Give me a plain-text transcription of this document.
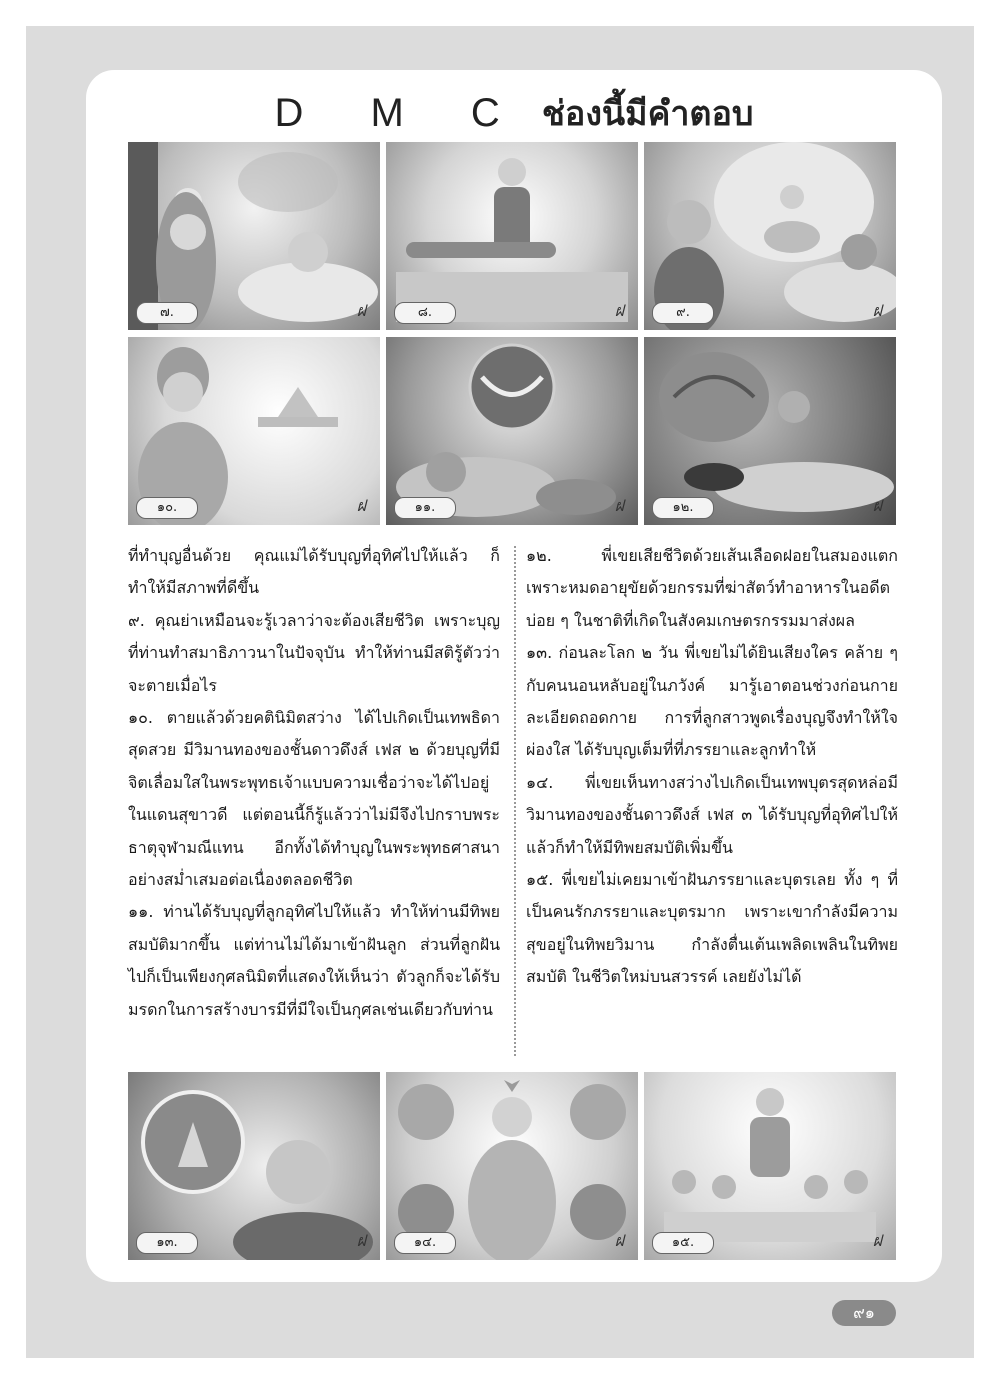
D M C ช่องนี้มีคำตอบ
๗.	ฝ	๘.	ฝ	๙.	ฝ
๑๐.	ฝ	๑๑.	ฝ	๑๒.	ฝ

ที่ทำบุญอื่นด้วย คุณแม่ได้รับบุญที่อุทิศไปให้แล้ว ก็ทำให้มีสภาพที่ดีขึ้น

๙. คุณย่าเหมือนจะรู้เวลาว่าจะต้องเสียชีวิต เพราะบุญที่ท่านทำสมาธิภาวนาในปัจจุบัน ทำให้ท่านมีสติรู้ตัวว่าจะตายเมื่อไร

๑๐. ตายแล้วด้วยคตินิมิตสว่าง ได้ไปเกิดเป็นเทพธิดาสุดสวย มีวิมานทองของชั้นดาวดึงส์ เฟส ๒ ด้วยบุญที่มีจิตเลื่อมใสในพระพุทธเจ้าแบบความเชื่อว่าจะได้ไปอยู่ในแดนสุขาวดี แต่ตอนนี้ก็รู้แล้วว่าไม่มีจึงไปกราบพระธาตุจุฬามณีแทน อีกทั้งได้ทำบุญในพระพุทธศาสนาอย่างสม่ำเสมอต่อเนื่องตลอดชีวิต

๑๑. ท่านได้รับบุญที่ลูกอุทิศไปให้แล้ว ทำให้ท่านมีทิพยสมบัติมากขึ้น แต่ท่านไม่ได้มาเข้าฝันลูก ส่วนที่ลูกฝันไปก็เป็นเพียงกุศลนิมิตที่แสดงให้เห็นว่า ตัวลูกก็จะได้รับมรดกในการสร้างบารมีที่มีใจเป็นกุศลเช่นเดียวกับท่าน

๑๒. พี่เขยเสียชีวิตด้วยเส้นเลือดฝอยในสมองแตก เพราะหมดอายุขัยด้วยกรรมที่ฆ่าสัตว์ทำอาหารในอดีตบ่อย ๆ ในชาติที่เกิดในสังคมเกษตรกรรมมาส่งผล

๑๓. ก่อนละโลก ๒ วัน พี่เขยไม่ได้ยินเสียงใคร คล้าย ๆ กับคนนอนหลับอยู่ในภวังค์ มารู้เอาตอนช่วงก่อนกายละเอียดถอดกาย การที่ลูกสาวพูดเรื่องบุญจึงทำให้ใจผ่องใส ได้รับบุญเต็มที่ที่ภรรยาและลูกทำให้

๑๔. พี่เขยเห็นทางสว่างไปเกิดเป็นเทพบุตรสุดหล่อมีวิมานทองของชั้นดาวดึงส์ เฟส ๓ ได้รับบุญที่อุทิศไปให้แล้วก็ทำให้มีทิพยสมบัติเพิ่มขึ้น

๑๕. พี่เขยไม่เคยมาเข้าฝันภรรยาและบุตรเลย ทั้ง ๆ ที่เป็นคนรักภรรยาและบุตรมาก เพราะเขากำลังมีความสุขอยู่ในทิพยวิมาน กำลังตื่นเต้นเพลิดเพลินในทิพยสมบัติ ในชีวิตใหม่บนสวรรค์ เลยยังไม่ได้

๑๓.	ฝ	๑๔.	ฝ	๑๕.	ฝ
๙๑
